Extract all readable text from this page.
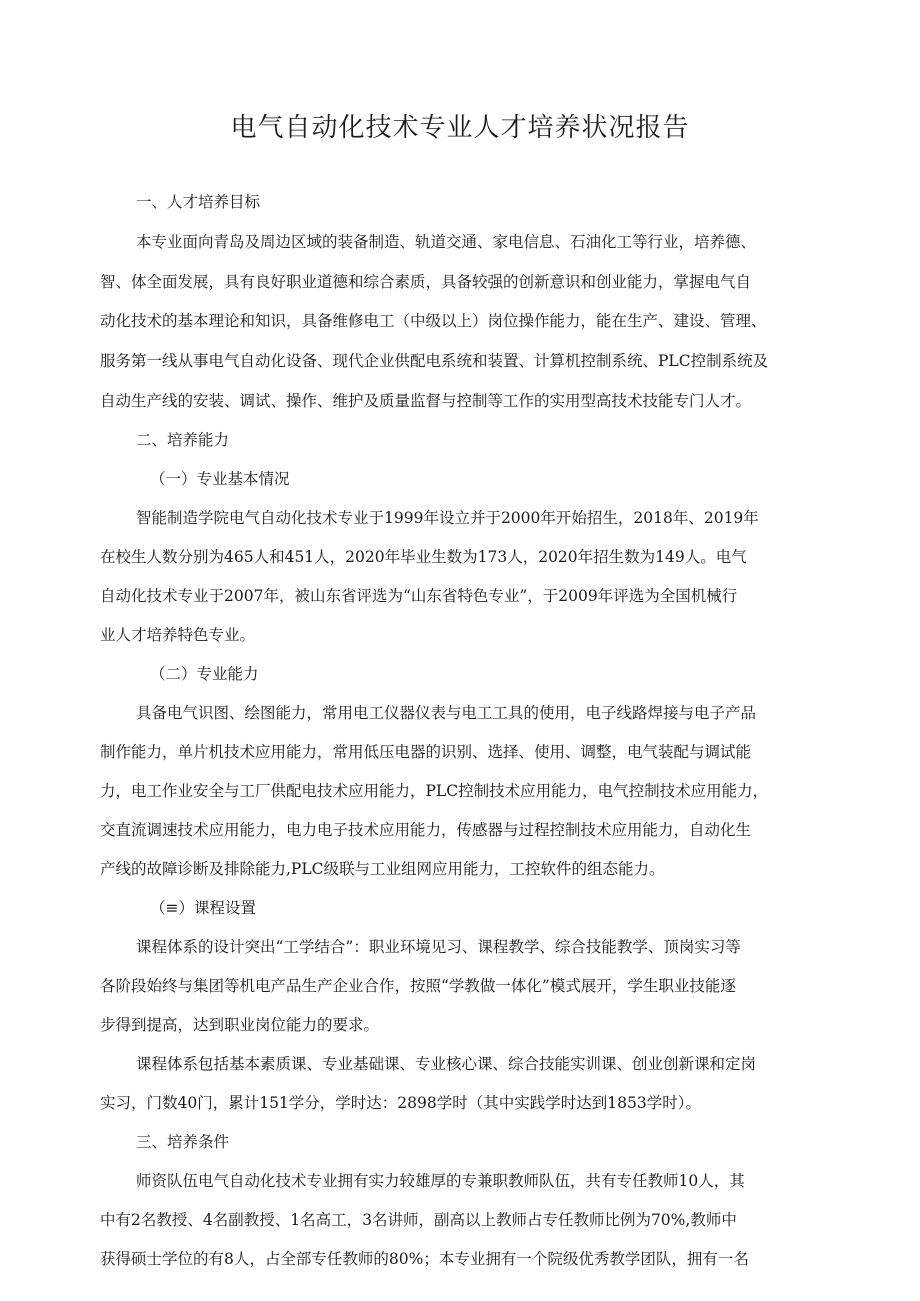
电气自动化技术专业人才培养状况报告
一、人才培养目标
本专业面向青岛及周边区域的装备制造、轨道交通、家电信息、石油化工等行业，培养德、
智、体全面发展，具有良好职业道德和综合素质，具备较强的创新意识和创业能力，掌握电气自
动化技术的基本理论和知识，具备维修电工（中级以上）岗位操作能力，能在生产、建设、管理、
服务第一线从事电气自动化设备、现代企业供配电系统和装置、计算机控制系统、PLC控制系统及
自动生产线的安装、调试、操作、维护及质量监督与控制等工作的实用型高技术技能专门人才。
二、培养能力
（一）专业基本情况
智能制造学院电气自动化技术专业于1999年设立并于2000年开始招生，2018年、2019年
在校生人数分别为465人和451人，2020年毕业生数为173人，2020年招生数为149人。电气
自动化技术专业于2007年，被山东省评选为“山东省特色专业”，于2009年评选为全国机械行
业人才培养特色专业。
（二）专业能力
具备电气识图、绘图能力，常用电工仪器仪表与电工工具的使用，电子线路焊接与电子产品
制作能力，单片机技术应用能力，常用低压电器的识别、选择、使用、调整，电气装配与调试能
力，电工作业安全与工厂供配电技术应用能力，PLC控制技术应用能力，电气控制技术应用能力，
交直流调速技术应用能力，电力电子技术应用能力，传感器与过程控制技术应用能力，自动化生
产线的故障诊断及排除能力,PLC级联与工业组网应用能力，工控软件的组态能力。
（≡）课程设置
课程体系的设计突出“工学结合”：职业环境见习、课程教学、综合技能教学、顶岗实习等
各阶段始终与集团等机电产品生产企业合作，按照“学教做一体化”模式展开，学生职业技能逐
步得到提高，达到职业岗位能力的要求。
课程体系包括基本素质课、专业基础课、专业核心课、综合技能实训课、创业创新课和定岗
实习，门数40门，累计151学分，学时达：2898学时（其中实践学时达到1853学时）。
三、培养条件
师资队伍电气自动化技术专业拥有实力较雄厚的专兼职教师队伍，共有专任教师10人，其
中有2名教授、4名副教授、1名高工，3名讲师，副高以上教师占专任教师比例为70%,教师中
获得硕士学位的有8人，占全部专任教师的80%；本专业拥有一个院级优秀教学团队，拥有一名
